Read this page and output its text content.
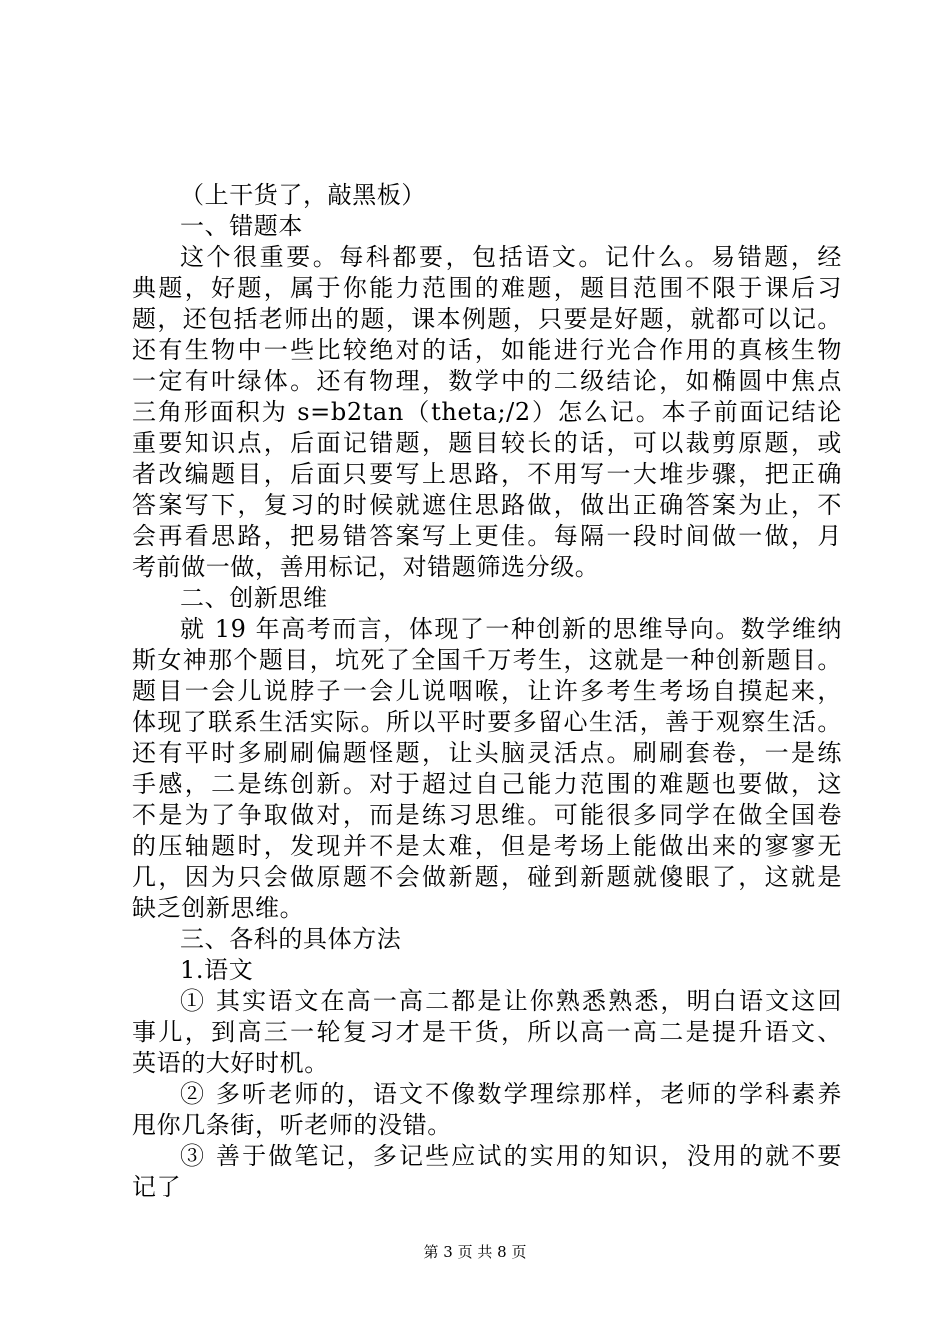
（上干货了，敲黑板）
一、错题本
这个很重要。每科都要，包括语文。记什么。易错题，经
典题，好题，属于你能力范围的难题，题目范围不限于课后习
题，还包括老师出的题，课本例题，只要是好题，就都可以记。
还有生物中一些比较绝对的话，如能进行光合作用的真核生物
一定有叶绿体。还有物理，数学中的二级结论，如椭圆中焦点
三角形面积为 s=b2tan（theta;/2）怎么记。本子前面记结论
重要知识点，后面记错题，题目较长的话，可以裁剪原题，或
者改编题目，后面只要写上思路，不用写一大堆步骤，把正确
答案写下，复习的时候就遮住思路做，做出正确答案为止，不
会再看思路，把易错答案写上更佳。每隔一段时间做一做，月
考前做一做，善用标记，对错题筛选分级。
二、创新思维
就 19 年高考而言，体现了一种创新的思维导向。数学维纳
斯女神那个题目，坑死了全国千万考生，这就是一种创新题目。
题目一会儿说脖子一会儿说咽喉，让许多考生考场自摸起来，
体现了联系生活实际。所以平时要多留心生活，善于观察生活。
还有平时多刷刷偏题怪题，让头脑灵活点。刷刷套卷，一是练
手感，二是练创新。对于超过自己能力范围的难题也要做，这
不是为了争取做对，而是练习思维。可能很多同学在做全国卷
的压轴题时，发现并不是太难，但是考场上能做出来的寥寥无
几，因为只会做原题不会做新题，碰到新题就傻眼了，这就是
缺乏创新思维。
三、各科的具体方法
1.语文
① 其实语文在高一高二都是让你熟悉熟悉，明白语文这回
事儿，到高三一轮复习才是干货，所以高一高二是提升语文、
英语的大好时机。
② 多听老师的，语文不像数学理综那样，老师的学科素养
甩你几条街，听老师的没错。
③ 善于做笔记，多记些应试的实用的知识，没用的就不要
记了
第 3 页 共 8 页
